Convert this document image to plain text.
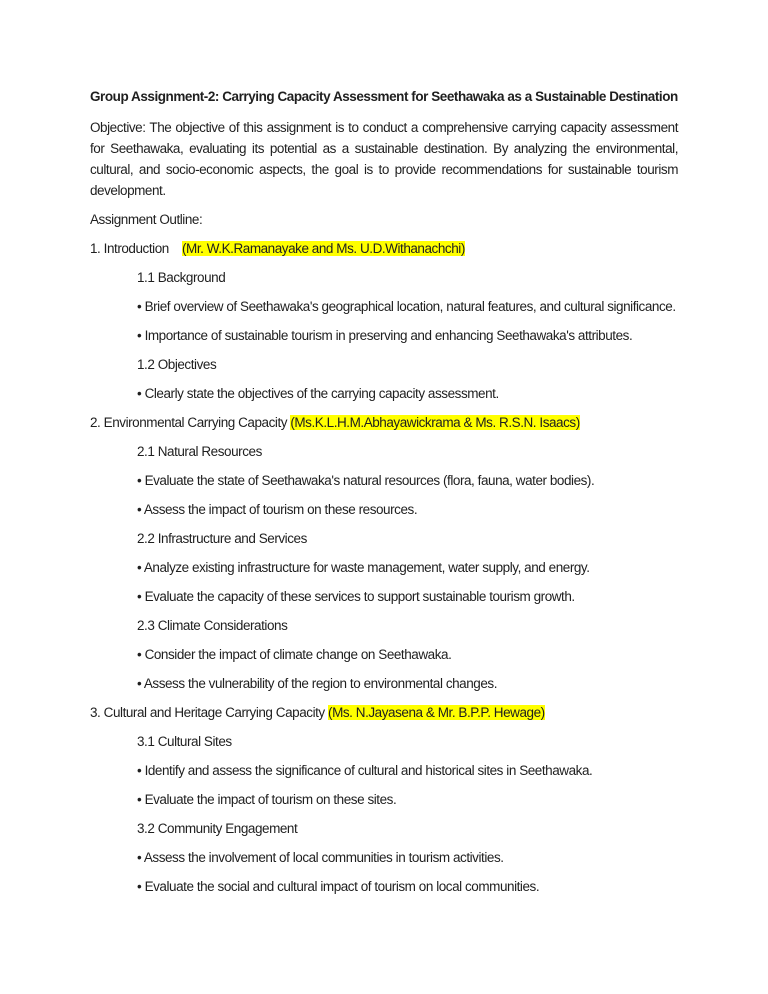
Group Assignment-2: Carrying Capacity Assessment for Seethawaka as a Sustainable Destination
Objective: The objective of this assignment is to conduct a comprehensive carrying capacity assessment for Seethawaka, evaluating its potential as a sustainable destination. By analyzing the environmental, cultural, and socio-economic aspects, the goal is to provide recommendations for sustainable tourism development.
Assignment Outline:
1. Introduction    (Mr. W.K.Ramanayake and Ms. U.D.Withanachchi)
1.1 Background
• Brief overview of Seethawaka's geographical location, natural features, and cultural significance.
• Importance of sustainable tourism in preserving and enhancing Seethawaka's attributes.
1.2 Objectives
• Clearly state the objectives of the carrying capacity assessment.
2. Environmental Carrying Capacity (Ms.K.L.H.M.Abhayawickrama & Ms. R.S.N. Isaacs)
2.1 Natural Resources
• Evaluate the state of Seethawaka's natural resources (flora, fauna, water bodies).
• Assess the impact of tourism on these resources.
2.2 Infrastructure and Services
• Analyze existing infrastructure for waste management, water supply, and energy.
• Evaluate the capacity of these services to support sustainable tourism growth.
2.3 Climate Considerations
• Consider the impact of climate change on Seethawaka.
• Assess the vulnerability of the region to environmental changes.
3. Cultural and Heritage Carrying Capacity (Ms. N.Jayasena & Mr. B.P.P. Hewage)
3.1 Cultural Sites
• Identify and assess the significance of cultural and historical sites in Seethawaka.
• Evaluate the impact of tourism on these sites.
3.2 Community Engagement
• Assess the involvement of local communities in tourism activities.
• Evaluate the social and cultural impact of tourism on local communities.
